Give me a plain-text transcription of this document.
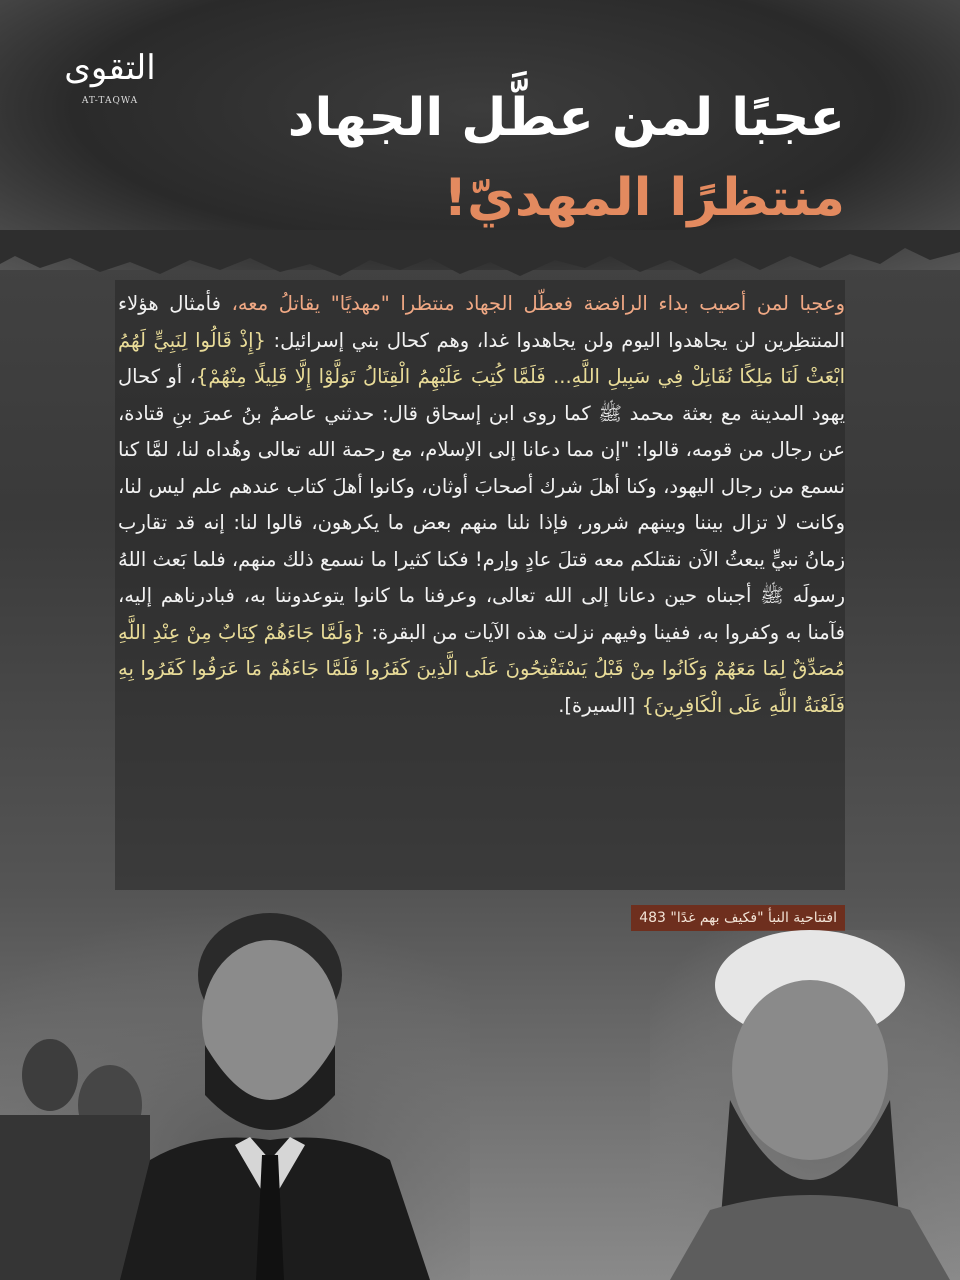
التقوى
AT-TAQWA	عجبًا لمن عطَّل الجهاد
منتظرًا المهديّ!

وعجبا لمن أصيب بداء الرافضة فعطّل الجهاد منتظرا "مهديًا" يقاتلُ معه، فأمثال هؤلاء المنتظِرين لن يجاهدوا اليوم ولن يجاهدوا غدا، وهم كحال بني إسرائيل: {إِذْ قَالُوا لِنَبِيٍّ لَهُمُ ابْعَثْ لَنَا مَلِكًا نُقَاتِلْ فِي سَبِيلِ اللَّهِ... فَلَمَّا كُتِبَ عَلَيْهِمُ الْقِتَالُ تَوَلَّوْا إِلَّا قَلِيلًا مِنْهُمْ}، أو كحال يهود المدينة مع بعثة محمد ﷺ كما روى ابن إسحاق قال: حدثني عاصمُ بنُ عمرَ بنِ قتادة، عن رجال من قومه، قالوا: "إن مما دعانا إلى الإسلام، مع رحمة الله تعالى وهُداه لنا، لمَّا كنا نسمع من رجال اليهود، وكنا أهلَ شرك أصحابَ أوثان، وكانوا أهلَ كتاب عندهم علم ليس لنا، وكانت لا تزال بيننا وبينهم شرور، فإذا نلنا منهم بعض ما يكرهون، قالوا لنا: إنه قد تقارب زمانُ نبيٍّ يبعثُ الآن نقتلكم معه قتلَ عادٍ وإرم! فكنا كثيرا ما نسمع ذلك منهم، فلما بَعث اللهُ رسولَه ﷺ أجبناه حين دعانا إلى الله تعالى، وعرفنا ما كانوا يتوعدوننا به، فبادرناهم إليه، فآمنا به وكفروا به، ففينا وفيهم نزلت هذه الآيات من البقرة: {وَلَمَّا جَاءَهُمْ كِتَابٌ مِنْ عِنْدِ اللَّهِ مُصَدِّقٌ لِمَا مَعَهُمْ وَكَانُوا مِنْ قَبْلُ يَسْتَفْتِحُونَ عَلَى الَّذِينَ كَفَرُوا فَلَمَّا جَاءَهُمْ مَا عَرَفُوا كَفَرُوا بِهِ فَلَعْنَةُ اللَّهِ عَلَى الْكَافِرِينَ} [السيرة].

افتتاحية النبأ "فكيف بهم غدًا" 483
